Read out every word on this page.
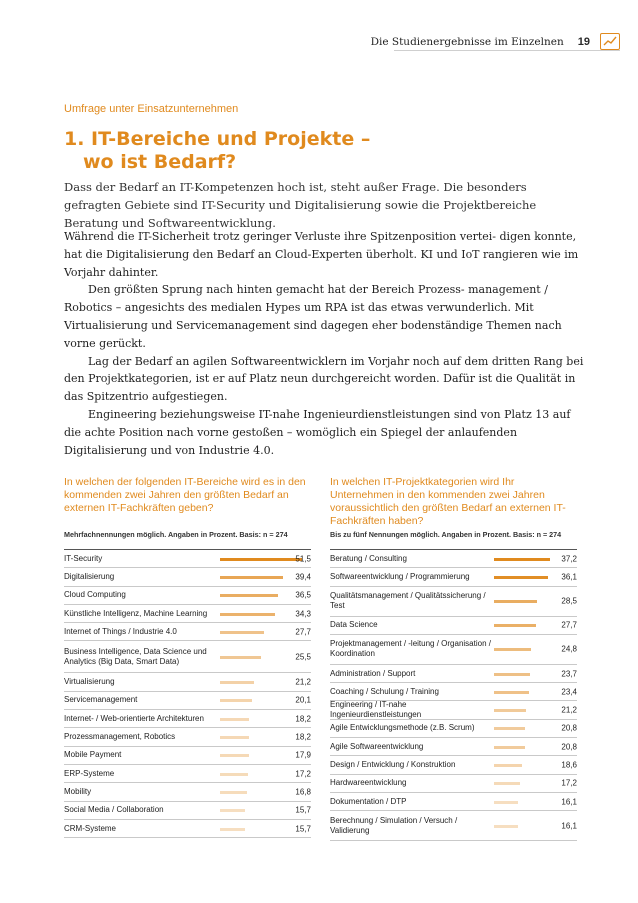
Die Studienergebnisse im Einzelnen 19
Umfrage unter Einsatzunternehmen
1. IT-Bereiche und Projekte –
wo ist Bedarf?
Dass der Bedarf an IT-Kompetenzen hoch ist, steht außer Frage. Die besonders gefragten Gebiete sind IT-Security und Digitalisierung sowie die Projektbereiche Beratung und Softwareentwicklung.

Während die IT-Sicherheit trotz geringer Verluste ihre Spitzenposition vertei- digen konnte, hat die Digitalisierung den Bedarf an Cloud-Experten überholt. KI und IoT rangieren wie im Vorjahr dahinter.

Den größten Sprung nach hinten gemacht hat der Bereich Prozess- management / Robotics – angesichts des medialen Hypes um RPA ist das etwas verwunderlich. Mit Virtualisierung und Servicemanagement sind dagegen eher bodenständige Themen nach vorne gerückt.

Lag der Bedarf an agilen Softwareentwicklern im Vorjahr noch auf dem dritten Rang bei den Projektkategorien, ist er auf Platz neun durchgereicht worden. Dafür ist die Qualität in das Spitzentrio aufgestiegen.

Engineering beziehungsweise IT-nahe Ingenieurdienstleistungen sind von Platz 13 auf die achte Position nach vorne gestoßen – womöglich ein Spiegel der anlaufenden Digitalisierung und von Industrie 4.0.

In welchen der folgenden IT-Bereiche wird es in den kommenden zwei Jahren den größten Bedarf an externen IT-Fachkräften geben?
Mehrfachnennungen möglich. Angaben in Prozent. Basis: n = 274
IT-Security	51,5
Digitalisierung	39,4
Cloud Computing	36,5
Künstliche Intelligenz, Machine Learning	34,3
Internet of Things / Industrie 4.0	27,7
Business Intelligence, Data Science und Analytics (Big Data, Smart Data)	25,5
Virtualisierung	21,2
Servicemanagement	20,1
Internet- / Web-orientierte Architekturen	18,2
Prozessmanagement, Robotics	18,2
Mobile Payment	17,9
ERP-Systeme	17,2
Mobility	16,8
Social Media / Collaboration	15,7
CRM-Systeme	15,7
In welchen IT-Projektkategorien wird Ihr Unternehmen in den kommenden zwei Jahren voraussichtlich den größten Bedarf an externen IT-Fachkräften haben?
Bis zu fünf Nennungen möglich. Angaben in Prozent. Basis: n = 274
Beratung / Consulting	37,2
Softwareentwicklung / Programmierung	36,1
Qualitätsmanagement / Qualitätssicherung / Test	28,5
Data Science	27,7
Projektmanagement / -leitung / Organisation / Koordination	24,8
Administration / Support	23,7
Coaching / Schulung / Training	23,4
Engineering / IT-nahe Ingenieurdienstleistungen	21,2
Agile Entwicklungsmethode (z.B. Scrum)	20,8
Agile Softwareentwicklung	20,8
Design / Entwicklung / Konstruktion	18,6
Hardwareentwicklung	17,2
Dokumentation / DTP	16,1
Berechnung / Simulation / Versuch / Validierung	16,1
